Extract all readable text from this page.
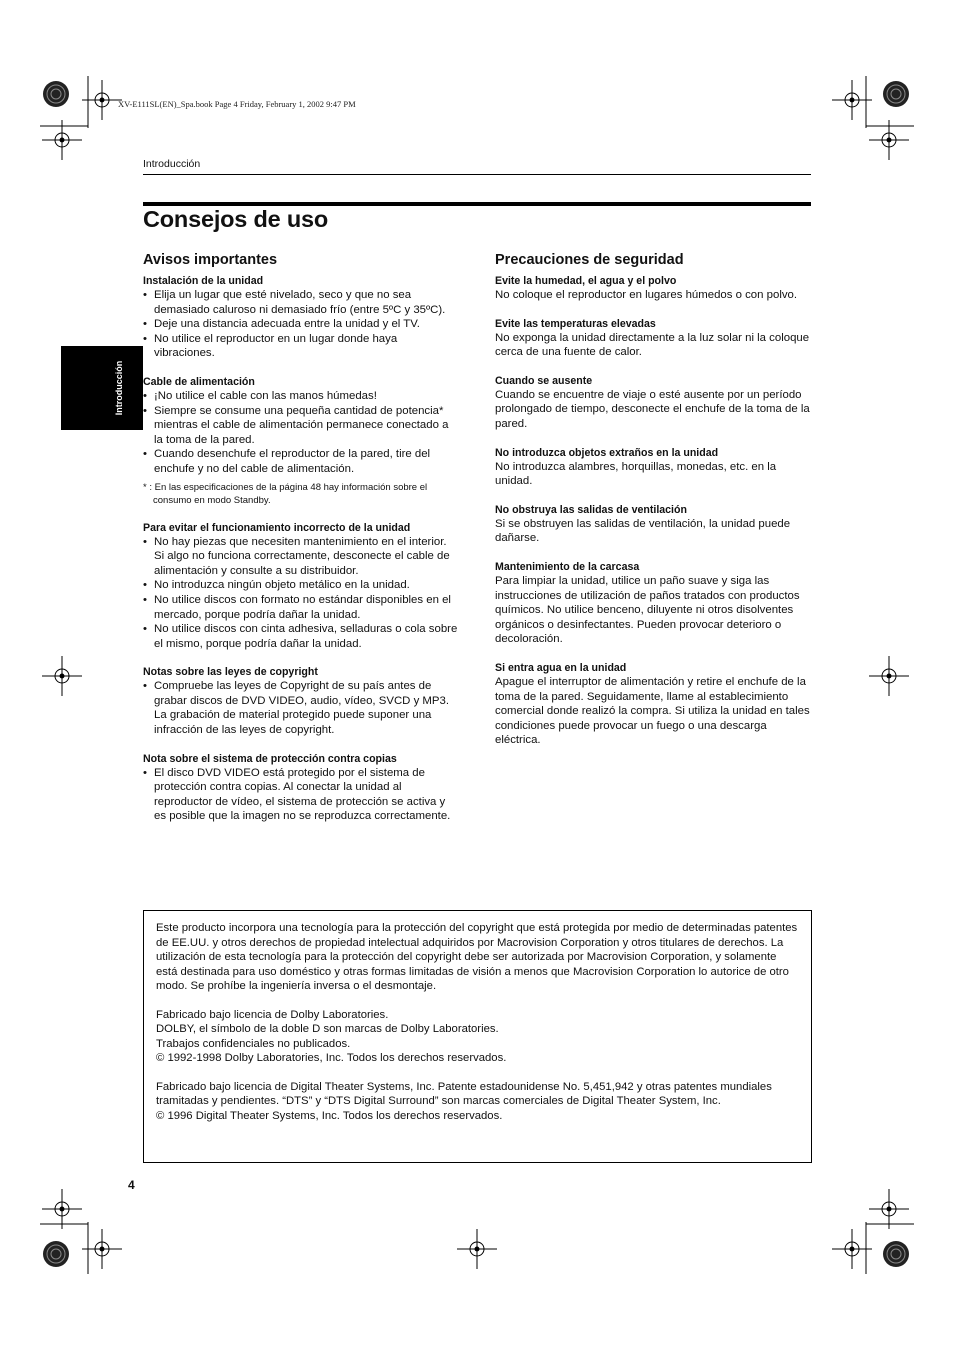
XV-E111SL(EN)_Spa.book Page 4 Friday, February 1, 2002 9:47 PM
Introducción
Consejos de uso
Introducción
Avisos importantes
Instalación de la unidad
• Elija un lugar que esté nivelado, seco y que no sea demasiado caluroso ni demasiado frío (entre 5ºC y 35ºC).
• Deje una distancia adecuada entre la unidad y el TV.
• No utilice el reproductor en un lugar donde haya vibraciones.
Cable de alimentación
• ¡No utilice el cable con las manos húmedas!
• Siempre se consume una pequeña cantidad de potencia* mientras el cable de alimentación permanece conectado a la toma de la pared.
• Cuando desenchufe el reproductor de la pared, tire del enchufe y no del cable de alimentación.

* : En las especificaciones de la página 48 hay información sobre el consumo en modo Standby.

Para evitar el funcionamiento incorrecto de la unidad
• No hay piezas que necesiten mantenimiento en el interior. Si algo no funciona correctamente, desconecte el cable de alimentación y consulte a su distribuidor.
• No introduzca ningún objeto metálico en la unidad.
• No utilice discos con formato no estándar disponibles en el mercado, porque podría dañar la unidad.
• No utilice discos con cinta adhesiva, selladuras o cola sobre el mismo, porque podría dañar la unidad.
Notas sobre las leyes de copyright
• Compruebe las leyes de Copyright de su país antes de grabar discos de DVD VIDEO, audio, vídeo, SVCD y MP3. La grabación de material protegido puede suponer una infracción de las leyes de copyright.
Nota sobre el sistema de protección contra copias
• El disco DVD VIDEO está protegido por el sistema de protección contra copias. Al conectar la unidad al reproductor de vídeo, el sistema de protección se activa y es posible que la imagen no se reproduzca correctamente.
Precauciones de seguridad
Evite la humedad, el agua y el polvo

No coloque el reproductor en lugares húmedos o con polvo.

Evite las temperaturas elevadas

No exponga la unidad directamente a la luz solar ni la coloque cerca de una fuente de calor.

Cuando se ausente

Cuando se encuentre de viaje o esté ausente por un período prolongado de tiempo, desconecte el enchufe de la toma de la pared.

No introduzca objetos extraños en la unidad

No introduzca alambres, horquillas, monedas, etc. en la unidad.

No obstruya las salidas de ventilación

Si se obstruyen las salidas de ventilación, la unidad puede dañarse.

Mantenimiento de la carcasa

Para limpiar la unidad, utilice un paño suave y siga las instrucciones de utilización de paños tratados con productos químicos. No utilice benceno, diluyente ni otros disolventes orgánicos o desinfectantes. Pueden provocar deterioro o decoloración.

Si entra agua en la unidad

Apague el interruptor de alimentación y retire el enchufe de la toma de la pared. Seguidamente, llame al establecimiento comercial donde realizó la compra. Si utiliza la unidad en tales condiciones puede provocar un fuego o una descarga eléctrica.

Este producto incorpora una tecnología para la protección del copyright que está protegida por medio de determinadas patentes de EE.UU. y otros derechos de propiedad intelectual adquiridos por Macrovision Corporation y otros titulares de derechos. La utilización de esta tecnología para la protección del copyright debe ser autorizada por Macrovision Corporation, y solamente está destinada para uso doméstico y otras formas limitadas de visión a menos que Macrovision Corporation lo autorice de otro modo. Se prohíbe la ingeniería inversa o el desmontaje.

Fabricado bajo licencia de Dolby Laboratories.

DOLBY, el símbolo de la doble D son marcas de Dolby Laboratories.

Trabajos confidenciales no publicados.

© 1992-1998 Dolby Laboratories, Inc. Todos los derechos reservados.

Fabricado bajo licencia de Digital Theater Systems, Inc. Patente estadounidense No. 5,451,942 y otras patentes mundiales tramitadas y pendientes. “DTS” y “DTS Digital Surround” son marcas comerciales de Digital Theater System, Inc.

© 1996 Digital Theater Systems, Inc. Todos los derechos reservados.

4
